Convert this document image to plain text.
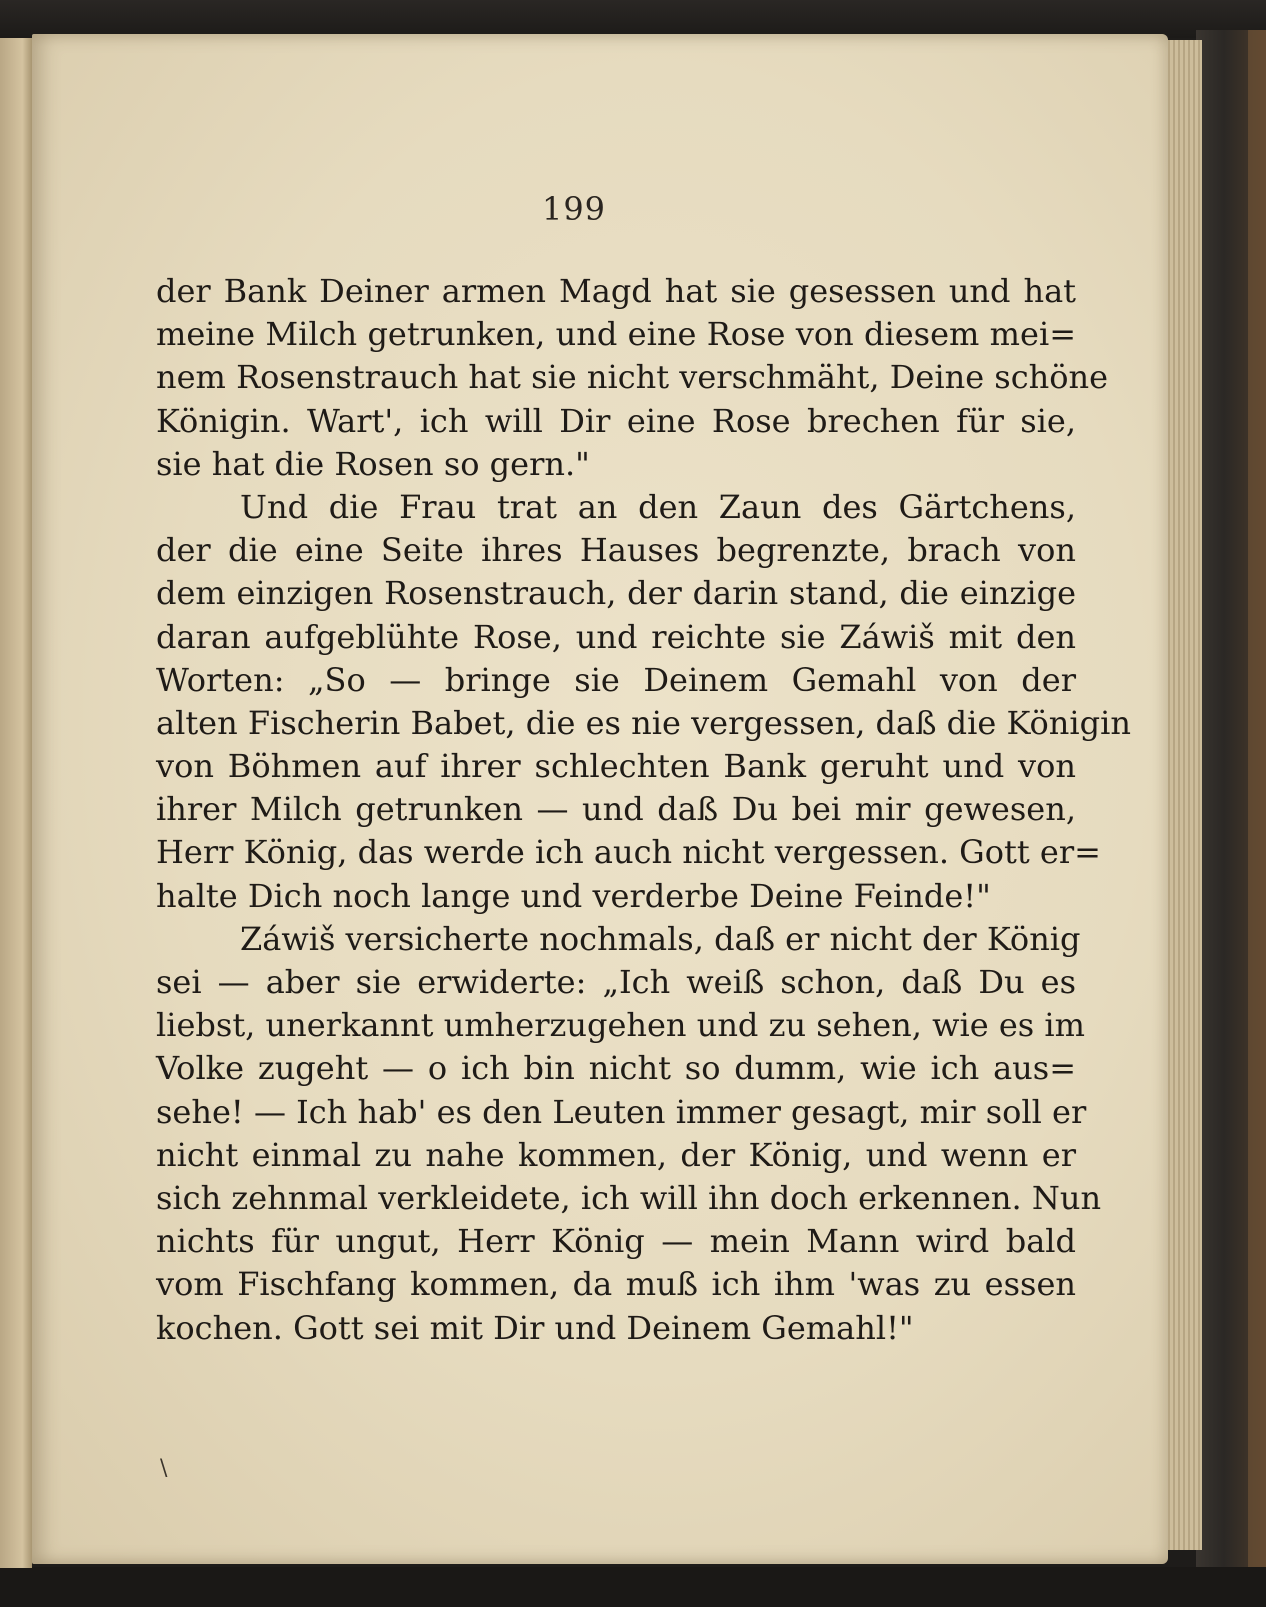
199
der Bank Deiner armen Magd hat sie gesessen und hat
meine Milch getrunken, und eine Rose von diesem mei=
nem Rosenstrauch hat sie nicht verschmäht, Deine schöne
Königin. Wart', ich will Dir eine Rose brechen für sie,
sie hat die Rosen so gern."
Und die Frau trat an den Zaun des Gärtchens,
der die eine Seite ihres Hauses begrenzte, brach von
dem einzigen Rosenstrauch, der darin stand, die einzige
daran aufgeblühte Rose, und reichte sie Záwiš mit den
Worten: „So — bringe sie Deinem Gemahl von der
alten Fischerin Babet, die es nie vergessen, daß die Königin
von Böhmen auf ihrer schlechten Bank geruht und von
ihrer Milch getrunken — und daß Du bei mir gewesen,
Herr König, das werde ich auch nicht vergessen. Gott er=
halte Dich noch lange und verderbe Deine Feinde!"
Záwiš versicherte nochmals, daß er nicht der König
sei — aber sie erwiderte: „Ich weiß schon, daß Du es
liebst, unerkannt umherzugehen und zu sehen, wie es im
Volke zugeht — o ich bin nicht so dumm, wie ich aus=
sehe! — Ich hab' es den Leuten immer gesagt, mir soll er
nicht einmal zu nahe kommen, der König, und wenn er
sich zehnmal verkleidete, ich will ihn doch erkennen. Nun
nichts für ungut, Herr König — mein Mann wird bald
vom Fischfang kommen, da muß ich ihm 'was zu essen
kochen. Gott sei mit Dir und Deinem Gemahl!"
\
